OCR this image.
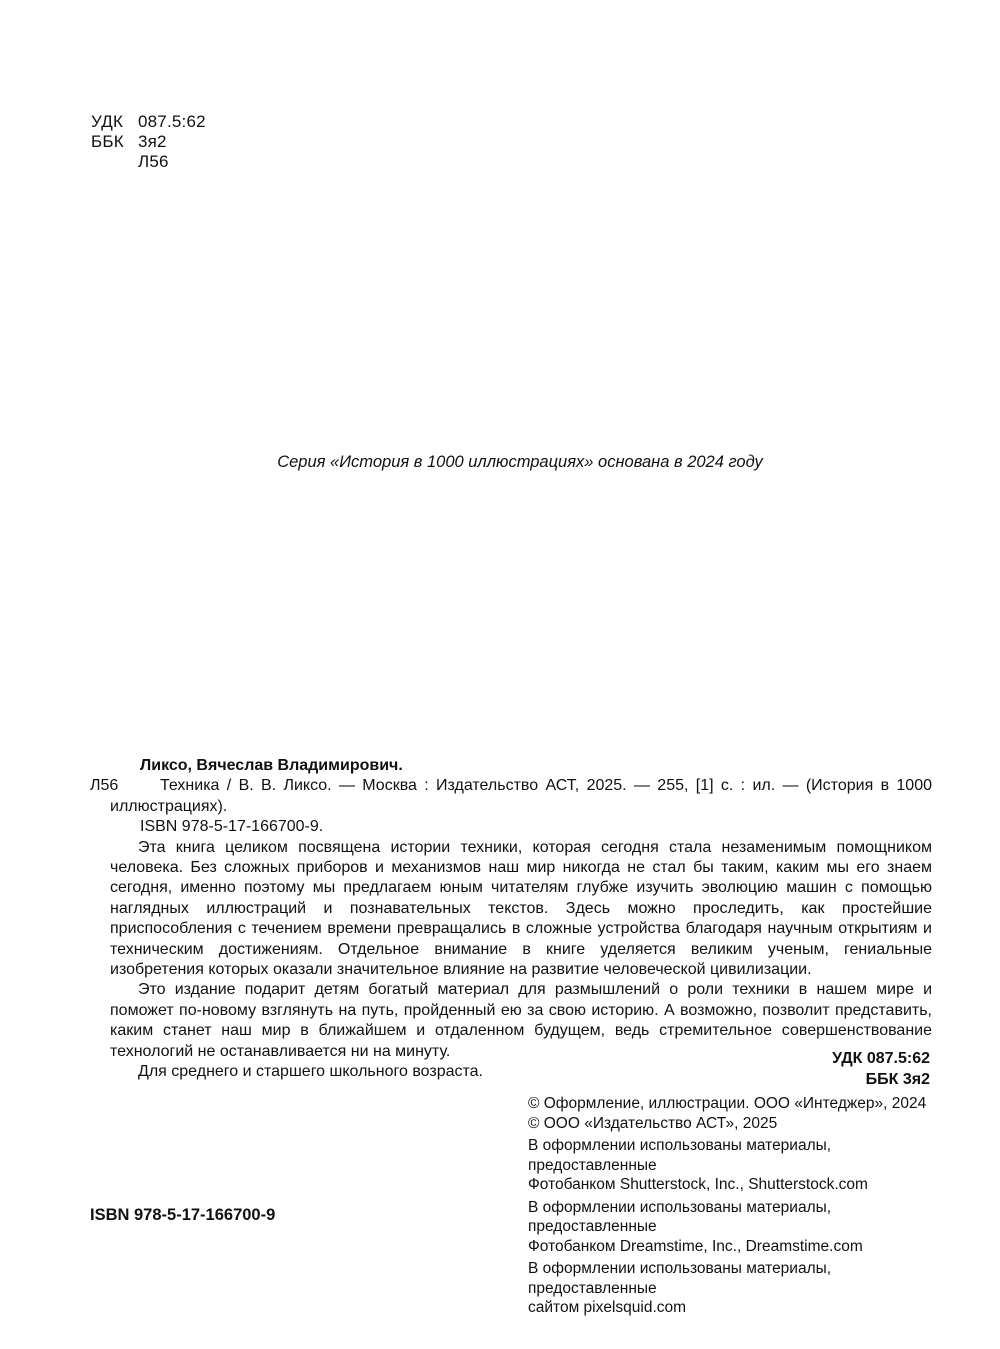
УДК 087.5:62
ББК 3я2
Л56
Серия «История в 1000 иллюстрациях» основана в 2024 году
Ликсо, Вячеслав Владимирович.
Л56	Техника / В. В. Ликсо. — Москва : Издательство АСТ, 2025. — 255, [1] с. : ил. — (История в 1000 иллюстрациях).
ISBN 978-5-17-166700-9.

Эта книга целиком посвящена истории техники, которая сегодня стала незаменимым помощником человека. Без сложных приборов и механизмов наш мир никогда не стал бы таким, каким мы его знаем сегодня, именно поэтому мы предлагаем юным читателям глубже изучить эволюцию машин с помощью наглядных иллюстраций и познавательных текстов. Здесь можно проследить, как простейшие приспособления с течением времени превращались в сложные устройства благодаря научным открытиям и техническим достижениям. Отдельное внимание в книге уделяется великим ученым, гениальные изобретения которых оказали значительное влияние на развитие человеческой цивилизации.

Это издание подарит детям богатый материал для размышлений о роли техники в нашем мире и поможет по-новому взглянуть на путь, пройденный ею за свою историю. А возможно, позволит представить, каким станет наш мир в ближайшем и отдаленном будущем, ведь стремительное совершенствование технологий не останавливается ни на минуту.

Для среднего и старшего школьного возраста.
УДК 087.5:62
ББК 3я2
© Оформление, иллюстрации. ООО «Интеджер», 2024
© ООО «Издательство АСТ», 2025
В оформлении использованы материалы, предоставленные
Фотобанком Shutterstock, Inc., Shutterstock.com
В оформлении использованы материалы, предоставленные
Фотобанком Dreamstime, Inc., Dreamstime.com
В оформлении использованы материалы, предоставленные
сайтом pixelsquid.com
ISBN 978-5-17-166700-9
